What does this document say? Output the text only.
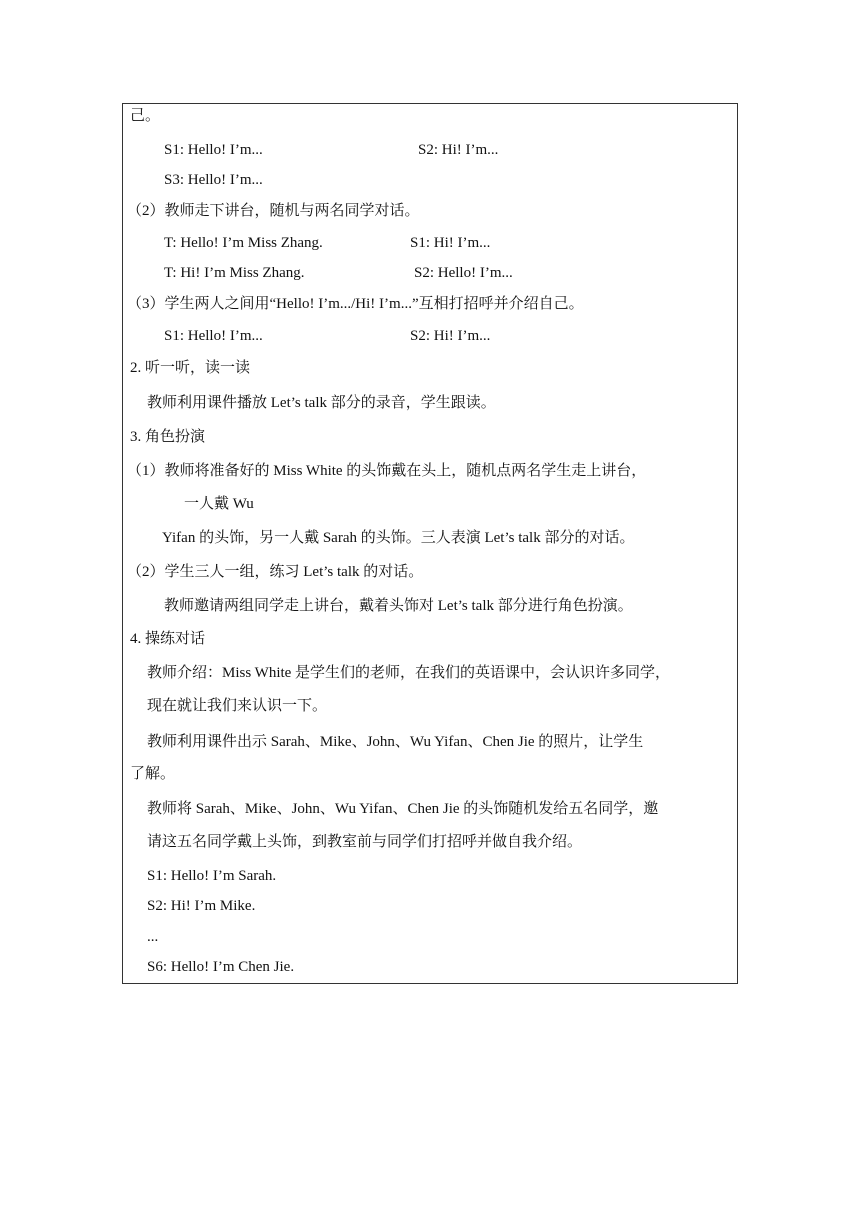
己。
S1: Hello! I’m...	S2: Hi! I’m...
S3: Hello! I’m...
（2）教师走下讲台，随机与两名同学对话。
T: Hello! I’m Miss Zhang.	S1: Hi! I’m...
T: Hi! I’m Miss Zhang.	S2: Hello! I’m...
（3）学生两人之间用“Hello! I’m.../Hi! I’m...”互相打招呼并介绍自己。
S1: Hello! I’m...	S2: Hi! I’m...
2. 听一听，读一读
教师利用课件播放 Let’s talk 部分的录音，学生跟读。
3. 角色扮演
（1）教师将准备好的 Miss White 的头饰戴在头上，随机点两名学生走上讲台，
一人戴 Wu
Yifan 的头饰，另一人戴 Sarah 的头饰。三人表演 Let’s talk 部分的对话。
（2）学生三人一组，练习 Let’s talk 的对话。
教师邀请两组同学走上讲台，戴着头饰对 Let’s talk 部分进行角色扮演。
4. 操练对话
教师介绍：Miss White 是学生们的老师，在我们的英语课中，会认识许多同学，
现在就让我们来认识一下。
教师利用课件出示 Sarah、Mike、John、Wu Yifan、Chen Jie 的照片，让学生
了解。
教师将 Sarah、Mike、John、Wu Yifan、Chen Jie 的头饰随机发给五名同学，邀
请这五名同学戴上头饰，到教室前与同学们打招呼并做自我介绍。
S1: Hello! I’m Sarah.
S2: Hi! I’m Mike.
...
S6: Hello! I’m Chen Jie.
